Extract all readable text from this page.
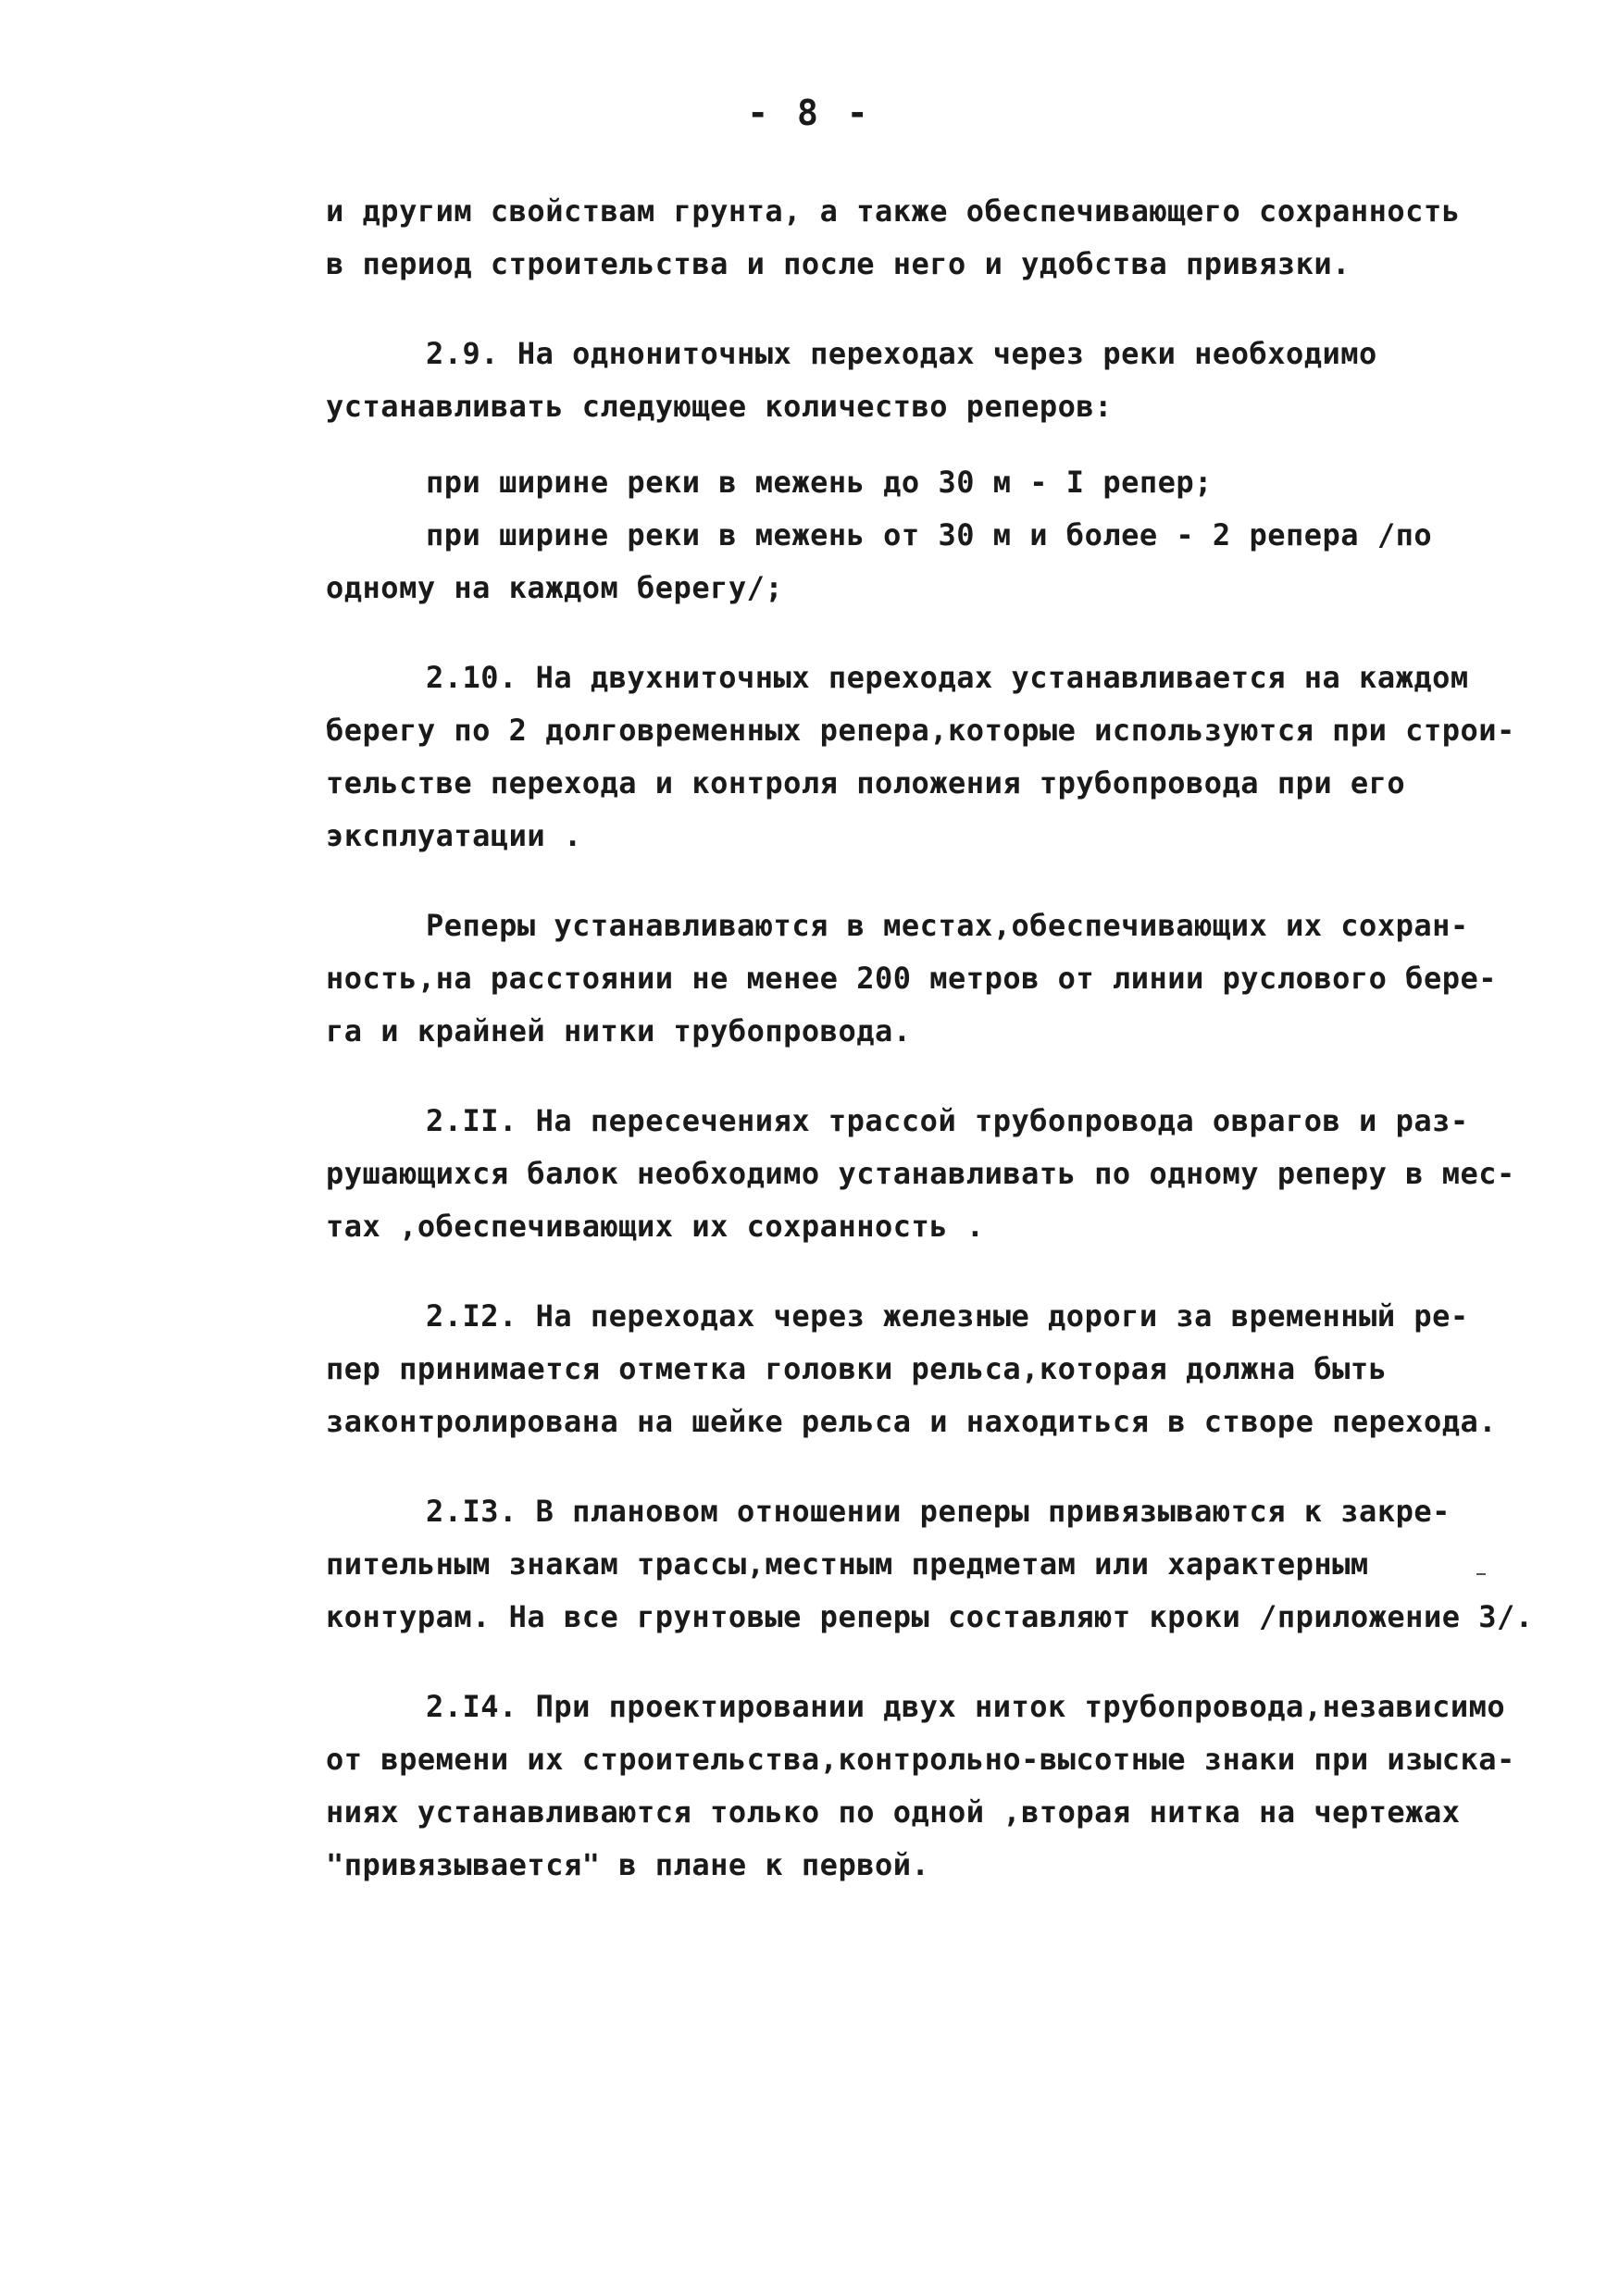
- 8 -
и другим свойствам грунта, а также обеспечивающего сохранность
в период строительства и после него и удобства привязки.
2.9. На однониточных переходах через реки необходимо
устанавливать следующее количество реперов:
при ширине реки в межень до 30 м - I репер;
при ширине реки в межень от 30 м и более - 2 репера /по
одному на каждом берегу/;
2.10. На двухниточных переходах устанавливается на каждом
берегу по 2 долговременных репера,которые используются при строи-
тельстве перехода и контроля положения трубопровода при его
эксплуатации .
Реперы устанавливаются в местах,обеспечивающих их сохран-
ность,на расстоянии не менее 200 метров от линии руслового бере-
га и крайней нитки трубопровода.
2.II. На пересечениях трассой трубопровода оврагов и раз-
рушающихся балок необходимо устанавливать по одному реперу в мес-
тах ,обеспечивающих их сохранность .
2.I2. На переходах через железные дороги за временный ре-
пер принимается отметка головки рельса,которая должна быть
законтролирована на шейке рельса и находиться в створе перехода.
2.I3. В плановом отношении реперы привязываются к закре-
пительным знакам трассы,местным предметам или характерным
контурам. На все грунтовые реперы составляют кроки /приложение 3/.
2.I4. При проектировании двух ниток трубопровода,независимо
от времени их строительства,контрольно-высотные знаки при изыска-
ниях устанавливаются только по одной ,вторая нитка на чертежах
"привязывается" в плане к первой.
